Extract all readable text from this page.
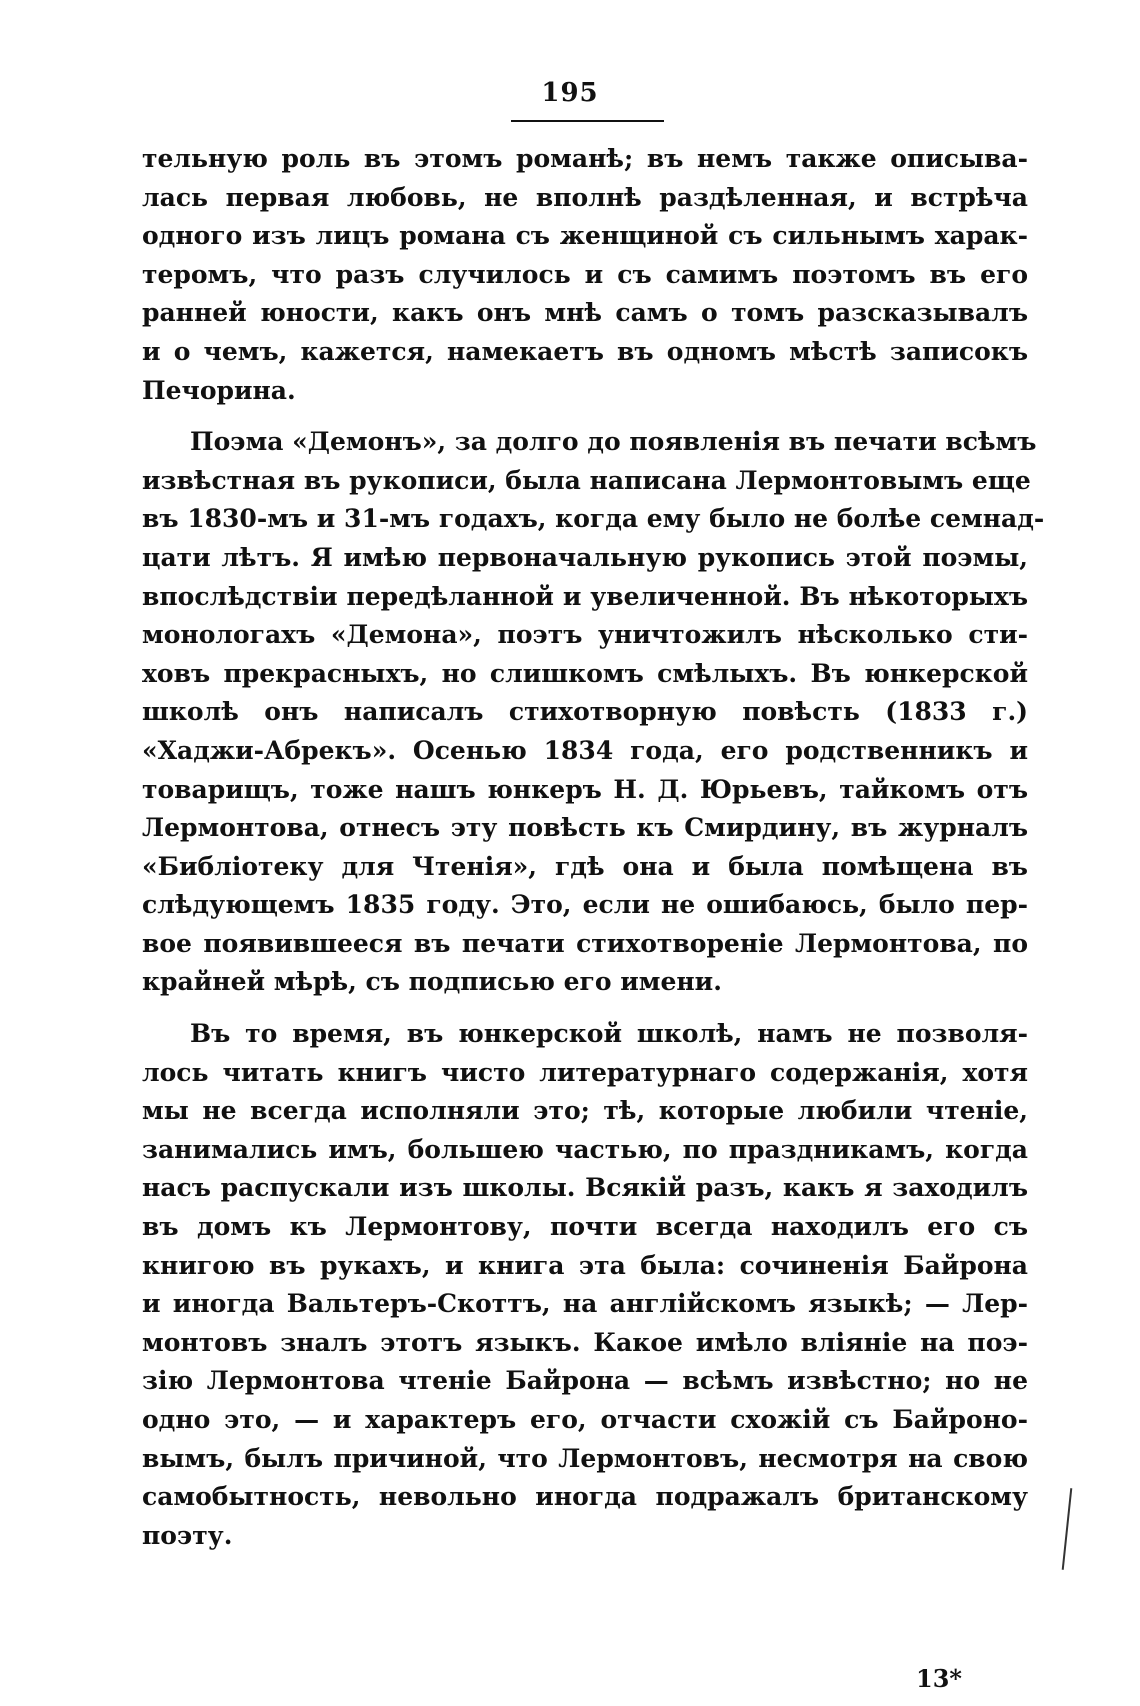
195
тельную роль въ этомъ романѣ; въ немъ также описыва-
лась первая любовь, не вполнѣ раздѣленная, и встрѣча
одного изъ лицъ романа съ женщиной съ сильнымъ харак-
теромъ, что разъ случилось и съ самимъ поэтомъ въ его
ранней юности, какъ онъ мнѣ самъ о томъ разсказывалъ
и о чемъ, кажется, намекаетъ въ одномъ мѣстѣ записокъ
Печорина.
Поэма «Демонъ», за долго до появленія въ печати всѣмъ
извѣстная въ рукописи, была написана Лермонтовымъ еще
въ 1830-мъ и 31-мъ годахъ, когда ему было не болѣе семнад-
цати лѣтъ. Я имѣю первоначальную рукопись этой поэмы,
впослѣдствіи передѣланной и увеличенной. Въ нѣкоторыхъ
монологахъ «Демона», поэтъ уничтожилъ нѣсколько сти-
ховъ прекрасныхъ, но слишкомъ смѣлыхъ. Въ юнкерской
школѣ онъ написалъ стихотворную повѣсть (1833 г.)
«Хаджи-Абрекъ». Осенью 1834 года, его родственникъ и
товарищъ, тоже нашъ юнкеръ Н. Д. Юрьевъ, тайкомъ отъ
Лермонтова, отнесъ эту повѣсть къ Смирдину, въ журналъ
«Библіотеку для Чтенія», гдѣ она и была помѣщена въ
слѣдующемъ 1835 году. Это, если не ошибаюсь, было пер-
вое появившееся въ печати стихотвореніе Лермонтова, по
крайней мѣрѣ, съ подписью его имени.
Въ то время, въ юнкерской школѣ, намъ не позволя-
лось читать книгъ чисто литературнаго содержанія, хотя
мы не всегда исполняли это; тѣ, которые любили чтеніе,
занимались имъ, большею частью, по праздникамъ, когда
насъ распускали изъ школы. Всякій разъ, какъ я заходилъ
въ домъ къ Лермонтову, почти всегда находилъ его съ
книгою въ рукахъ, и книга эта была: сочиненія Байрона
и иногда Вальтеръ-Скоттъ, на англійскомъ языкѣ; — Лер-
монтовъ зналъ этотъ языкъ. Какое имѣло вліяніе на поэ-
зію Лермонтова чтеніе Байрона — всѣмъ извѣстно; но не
одно это, — и характеръ его, отчасти схожій съ Байроно-
вымъ, былъ причиной, что Лермонтовъ, несмотря на свою
самобытность, невольно иногда подражалъ британскому
поэту.
13*
